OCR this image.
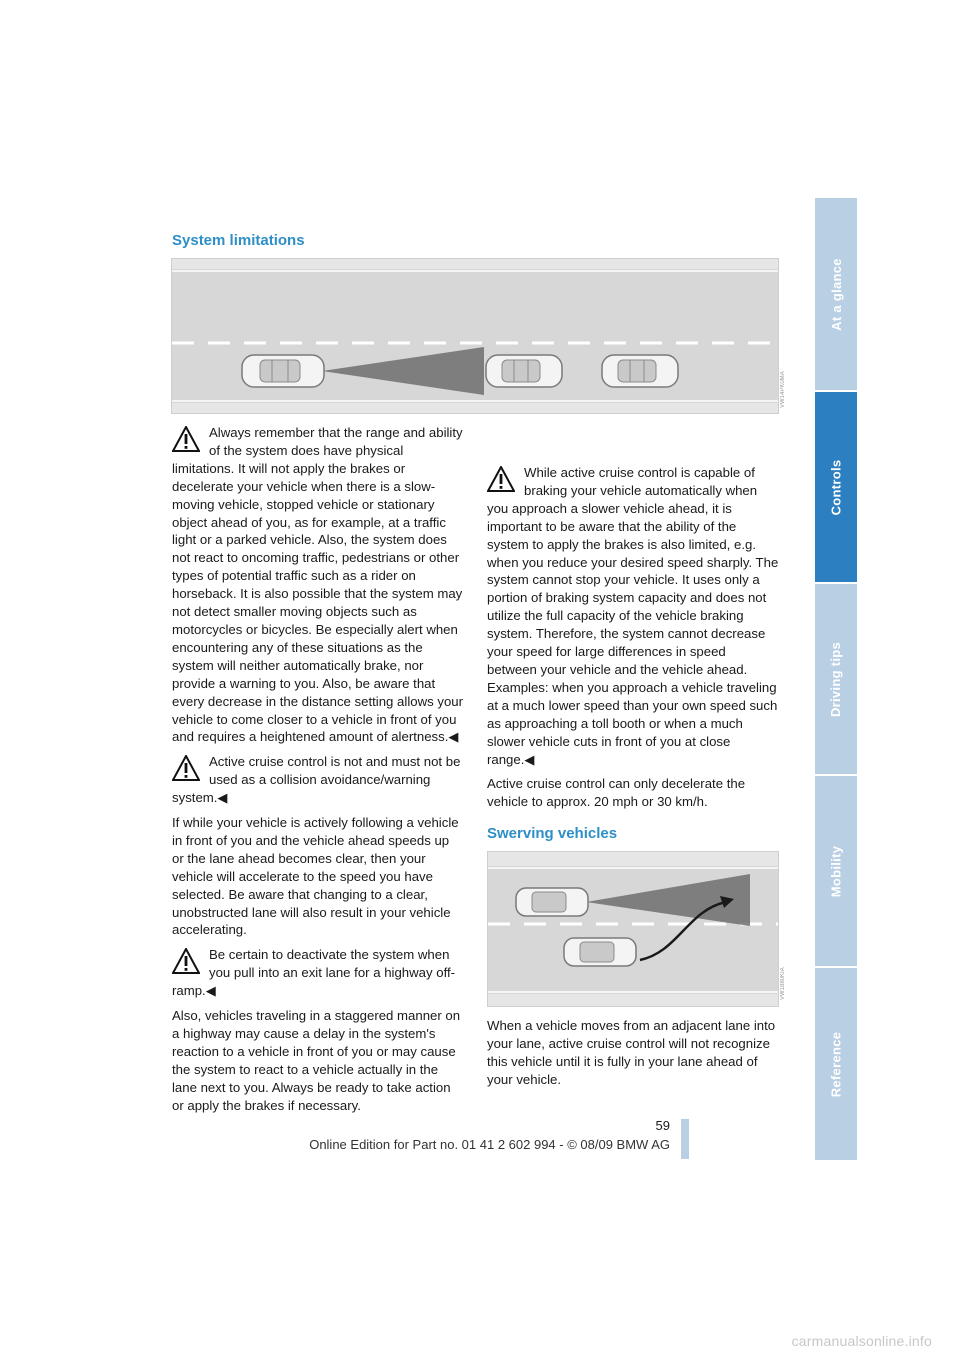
System limitations
VW14PK0MA

Always remember that the range and ability of the system does have physical limitations. It will not apply the brakes or decelerate your vehicle when there is a slow-moving vehicle, stopped vehicle or stationary object ahead of you, as for example, at a traffic light or a parked vehicle. Also, the system does not react to oncoming traffic, pedestrians or other types of potential traffic such as a rider on horseback. It is also possible that the system may not detect smaller moving objects such as motorcycles or bicycles. Be especially alert when encountering any of these situations as the system will neither automatically brake, nor provide a warning to you. Also, be aware that every decrease in the distance setting allows your vehicle to come closer to a vehicle in front of you and requires a heightened amount of alertness.◀

Active cruise control is not and must not be used as a collision avoidance/warning system.◀

If while your vehicle is actively following a vehicle in front of you and the vehicle ahead speeds up or the lane ahead becomes clear, then your vehicle will accelerate to the speed you have selected. Be aware that changing to a clear, unobstructed lane will also result in your vehicle accelerating.

Be certain to deactivate the system when you pull into an exit lane for a highway off-ramp.◀

Also, vehicles traveling in a staggered manner on a highway may cause a delay in the system's reaction to a vehicle in front of you or may cause the system to react to a vehicle actually in the lane next to you. Always be ready to take action or apply the brakes if necessary.

While active cruise control is capable of braking your vehicle automatically when you approach a slower vehicle ahead, it is important to be aware that the ability of the system to apply the brakes is also limited, e.g. when you reduce your desired speed sharply. The system cannot stop your vehicle. It uses only a portion of braking system capacity and does not utilize the full capacity of the vehicle braking system. Therefore, the system cannot decrease your speed for large differences in speed between your vehicle and the vehicle ahead. Examples: when you approach a vehicle traveling at a much lower speed than your own speed such as approaching a toll booth or when a much slower vehicle cuts in front of you at close range.◀

Active cruise control can only decelerate the vehicle to approx. 20 mph or 30 km/h.

Swerving vehicles
VW1880KIA

When a vehicle moves from an adjacent lane into your lane, active cruise control will not recognize this vehicle until it is fully in your lane ahead of your vehicle.

At a glance
Controls
Driving tips
Mobility
Reference
59
Online Edition for Part no. 01 41 2 602 994 - © 08/09 BMW AG
carmanualsonline.info
